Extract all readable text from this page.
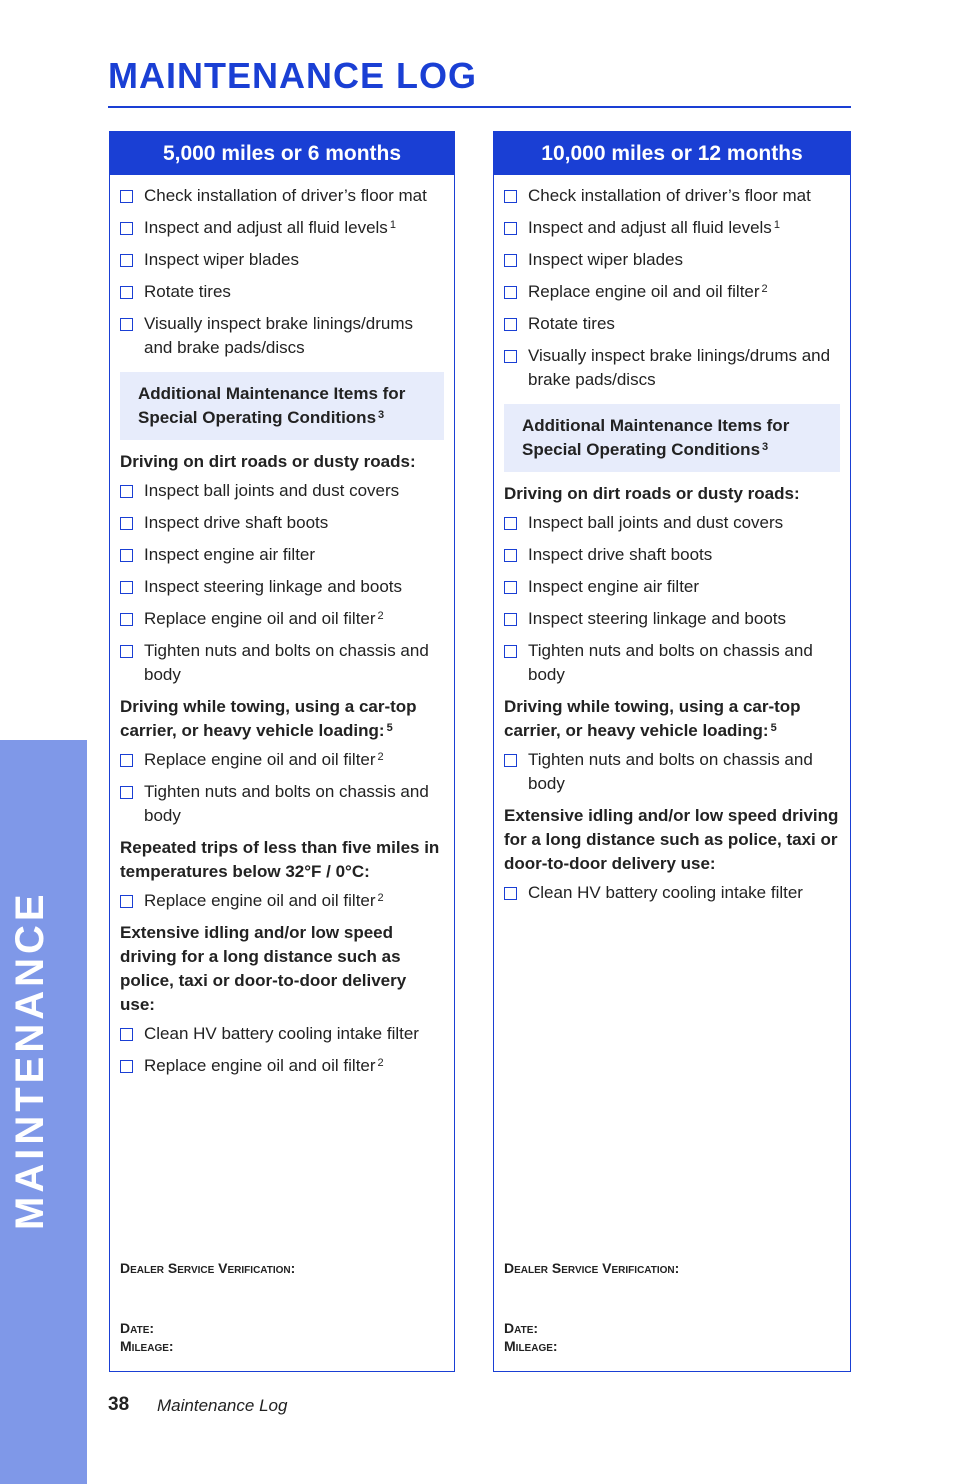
MAINTENANCE
MAINTENANCE LOG
5,000 miles or 6 months
Check installation of driver’s floor mat
Inspect and adjust all fluid levels $^1$
Inspect wiper blades
Rotate tires
Visually inspect brake linings/drums and brake pads/discs
Additional Maintenance Items for Special Operating Conditions $^3$
Driving on dirt roads or dusty roads:
Inspect ball joints and dust covers
Inspect drive shaft boots
Inspect engine air filter
Inspect steering linkage and boots
Replace engine oil and oil filter $^2$
Tighten nuts and bolts on chassis and body
Driving while towing, using a car-top carrier, or heavy vehicle loading: $^5$
Replace engine oil and oil filter $^2$
Tighten nuts and bolts on chassis and body
Repeated trips of less than five miles in temperatures below 32°F / 0°C:
Replace engine oil and oil filter $^2$
Extensive idling and/or low speed driving for a long distance such as police, taxi or door-to-door delivery use:
Clean HV battery cooling intake filter
Replace engine oil and oil filter $^2$
Dealer Service Verification:
Date:
Mileage:
10,000 miles or 12 months
Check installation of driver’s floor mat
Inspect and adjust all fluid levels $^1$
Inspect wiper blades
Replace engine oil and oil filter $^2$
Rotate tires
Visually inspect brake linings/drums and brake pads/discs
Additional Maintenance Items for Special Operating Conditions $^3$
Driving on dirt roads or dusty roads:
Inspect ball joints and dust covers
Inspect drive shaft boots
Inspect engine air filter
Inspect steering linkage and boots
Tighten nuts and bolts on chassis and body
Driving while towing, using a car-top carrier, or heavy vehicle loading: $^5$
Tighten nuts and bolts on chassis and body
Extensive idling and/or low speed driving for a long distance such as police, taxi or door-to-door delivery use:
Clean HV battery cooling intake filter
Dealer Service Verification:
Date:
Mileage:
38 Maintenance Log
